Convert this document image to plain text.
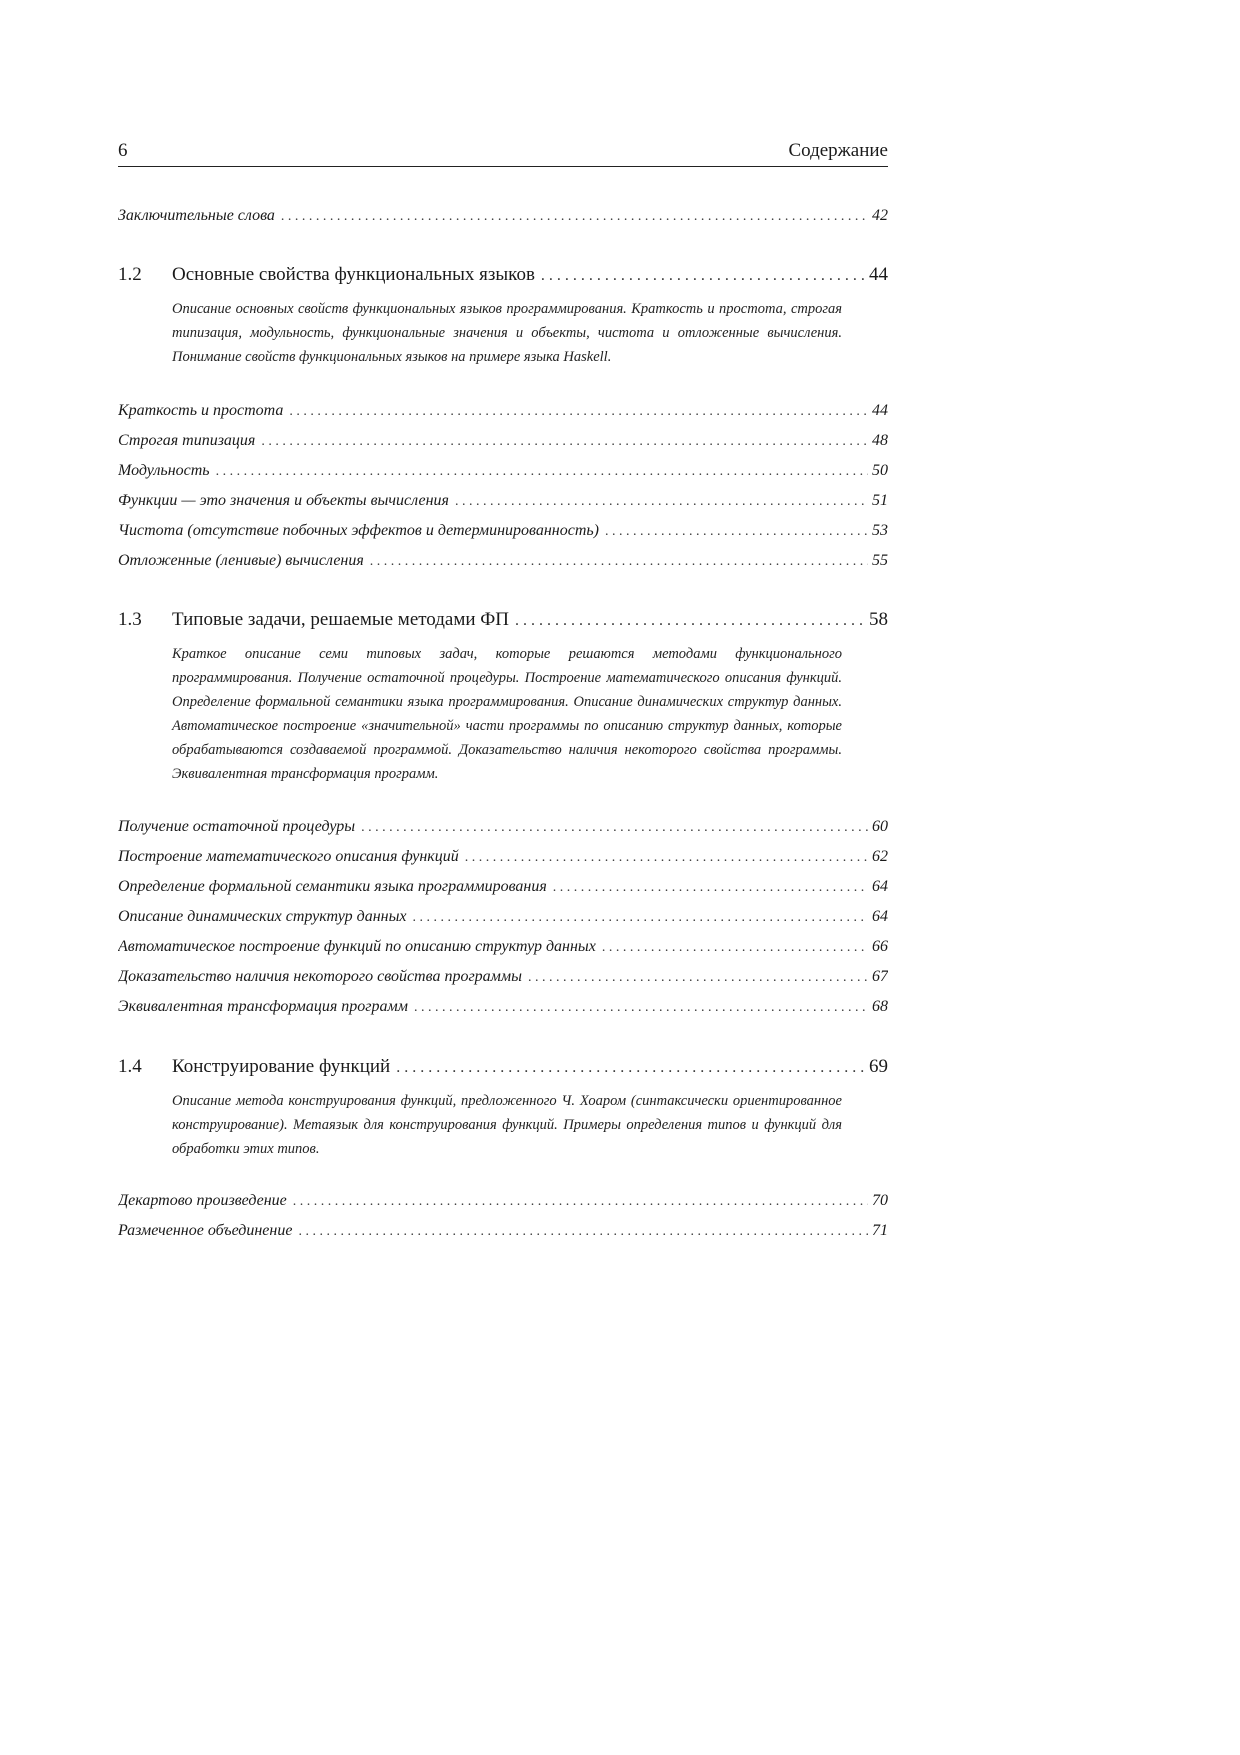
6	Содержание
Заключительные слова . . .	42
1.2	Основные свойства функциональных языков . . .	44
Описание основных свойств функциональных языков программирования. Краткость и простота, строгая типизация, модульность, функциональные значения и объекты, чистота и отложенные вычисления. Понимание свойств функциональных языков на примере языка Haskell.
Краткость и простота . . .	44
Строгая типизация . . .	48
Модульность . . .	50
Функции — это значения и объекты вычисления . . .	51
Чистота (отсутствие побочных эффектов и детерминированность) . . .	53
Отложенные (ленивые) вычисления . . .	55
1.3	Типовые задачи, решаемые методами ФП . . .	58
Краткое описание семи типовых задач, которые решаются методами функционального программирования. Получение остаточной процедуры. Построение математического описания функций. Определение формальной семантики языка программирования. Описание динамических структур данных. Автоматическое построение «значительной» части программы по описанию структур данных, которые обрабатываются создаваемой программой. Доказательство наличия некоторого свойства программы. Эквивалентная трансформация программ.
Получение остаточной процедуры . . .	60
Построение математического описания функций . . .	62
Определение формальной семантики языка программирования . . .	64
Описание динамических структур данных . . .	64
Автоматическое построение функций по описанию структур данных . . .	66
Доказательство наличия некоторого свойства программы . . .	67
Эквивалентная трансформация программ . . .	68
1.4	Конструирование функций . . .	69
Описание метода конструирования функций, предложенного Ч. Хоаром (синтаксически ориентированное конструирование). Метаязык для конструирования функций. Примеры определения типов и функций для обработки этих типов.
Декартово произведение . . .	70
Размеченное объединение . . .	71
